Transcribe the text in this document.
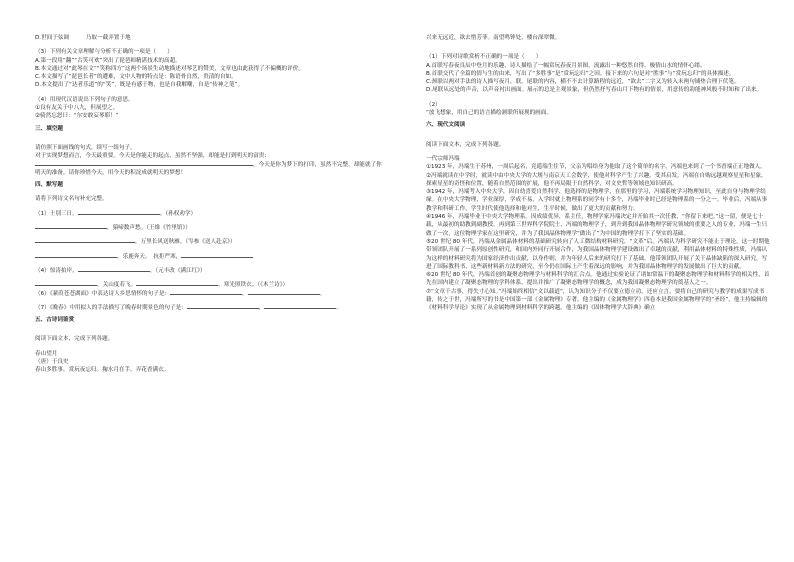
D.世间于弦调　　　乃取一截弄置于地
（3）下列有关文章理解与分析不正确的一项是（　　）
A.第一段用“翻”“古笑可欢”突出了琵琶师精湛技术的高超。
B.本文通过对“此琴在文”“笑称四方”这两个场景生动地描述对琴艺的赞美，文章也由此获得了不偏概的评价。
C.本文描写了“琵琶长者”的遭难，文中人物的特点是：陈语骨自然，贵清的自如。
D.本文提出了“达者乐道”的“笑”，既是有感于物，也是自我解嘲，自是“传神之笔”。
（4）用现代汉语说出下列句子的意思。
①良有友关于中八九，但展望之。
②骑然忘怒曰：“尔安敢妄琴耶！”
三、填空题
请仿照下面画线的句式，续写一组句子。
对于实现梦想而言，今天最重要。今天是你能走的起点，虽然不坚强，却能是打到明天的富贵；
，今天是你为梦下的打印，虽然不完整，却能就了你
明天的准备，请你珍惜今天，用今天的积淀成就明天的梦想！
四、默写题
请将下列诗文名句补充完整。
（1）士别三日，	。（孙权劝学）
，猿啼数声愁。（王维《竹里馆》）
，万里长风送秋雁。（岑参《送人赴京》）
，乐鹿奔天。　抗拒严寒，
（4）惊涛拍岸，	。（元丰改《满江红》）
，关山度若飞。	，寒光照铁衣。（《木兰诗》）
（6）《蒹葭苍苍湖面》中表达诗人乡思情怀的句子是：	，	。
（7）《晚春》中用拟人的手法描写了晚春时期景色的句子是：	，	。
五、古诗词鉴赏
阅读下面文本，完成下列各题。
春山望月
（唐）于良史
春山多胜事，赏玩夜忘归。掬水月在手，弄花香满衣。
兴来无远近，欲去惜芳菲。南望鸣钟处，楼台深翠微。
（1）下列对诗歌赏析不正确的一项是（　　）
A.首联写春夜良辰中登月的乐趣，诗人描绘了一幅赏玩春夜月景图，流露出一种悠然自得、极情山水的情怀心绪。
B.首联交代了全篇的情与生的由来，写出了“多胜事”是“赏玩忘归”之因。接下来的六句是对“胜事”与“赏玩忘归”的具体描述。
C.颈联以两对手法的诗人描写夜月，联，尾联的内容，横不不去计算路程的远近，“欲去”二字又为转入末两句铺垫合理下伏笔。
D.尾联从远处的声音，以声音衬出画面。展示的总是主观景象，但仍然抒写春山月下物有的情景，用意传的韵能神风般不时知和了出来。
（2）
“放飞想象，用自己的语言描绘颔联所展现的画面。
六、现代文阅读
阅读下面文本，完成下列各题。
一代宗师冯端
①1923 年，冯端生于苏州，一周后起名，竞遥端生住节，父亲为唱给身为他取了这个简单的名字，冯端也来到了一个书香端正正地做人。
②冯端就读在中学时，就读中由中央大学的大规与南京天工会数学，使他对科学产生了兴趣，受其启发，冯端在自购远越观察星星和星象，探索星星的奇怪和位置，随着自然范围的扩展，他不再局限于自然科学，对文史哲等领域也知识研高。
③1942 年，冯端考入中央大学，因自幼喜爱自然科学，他选择的是物理学，在那里的学习，冯端系统学习物理知识，至此自身与物理学结缘。在中央大学物理，学业深厚，学成不易，入学时就上物理系的同学有十多个，冯端毕业时已经是物理系的一分之一。毕业后，冯端从事教学和科研工作，学生时代使他选择和他对生，生平时候，做出了更大的贡献和努力。
④1946 年，冯端毕业于中央大学物理系。因成绩优异，系主任，物理学家冯端决定并开始其一次任教，“你留下来吧。”这一留，便是七十载，从最初的助教到副教授，再到第三世界科学院院士，冯端的物理学子，到升到我国晶体物理学研究领域的重要之人的专业，冯端一生只做了一次，这位物理学家在这里研究，并为了我国晶体物理学“做出了”为中国的物理学打下了坚实的基础。
⑤20 世纪 80 年代，冯端从金属晶体材料的基础研究转向了人工微结构材料研究，“文革”后，冯端认为科学研究不能止于理论，这一时期他带领团队开展了一系列原创性研究，和国内外同行开展合作，为我国晶体物理学建设做出了卓越的贡献，利用晶体材料的特殊性质，冯端认为这样的材料研究将为国家经济作出贡献，以身作则，并为年轻人后来的研究打下了基础。他带领团队开展了关于晶体缺陷的深入研究，写进了国际教科书，这些新材料新方法的研究，至今仍在国际上产生着深远的影响，并为我国晶体物理学的发展做出了巨大的贡献。
⑥20 世纪 80 年代，冯端首创的凝聚态物理学与材料科学的汇合点。他通过实验论证了诸如常温下的凝聚态物理学和材料科学的相关性，首先在国内建立了凝聚态物理的学科体系，提出并推广了凝聚态物理学的概念，成为我国凝聚态物理学的奠基人之一。
⑦“文章千古事，得失寸心知。”冯端始终相信“文以载道”，认为知识分子不仅要立德立功，还应立言，要将自己的研究与教学的成果写成书籍，传之于世，冯端所写的书是中国第一部《金属物理》专著，他主编的《金属物理学》四卷本是我国金属物理学的“圣经”，他主持编辑的《材料科学导论》实现了从金属物理到材料科学的跨越。他主编的《固体物理学大辞典》确立
